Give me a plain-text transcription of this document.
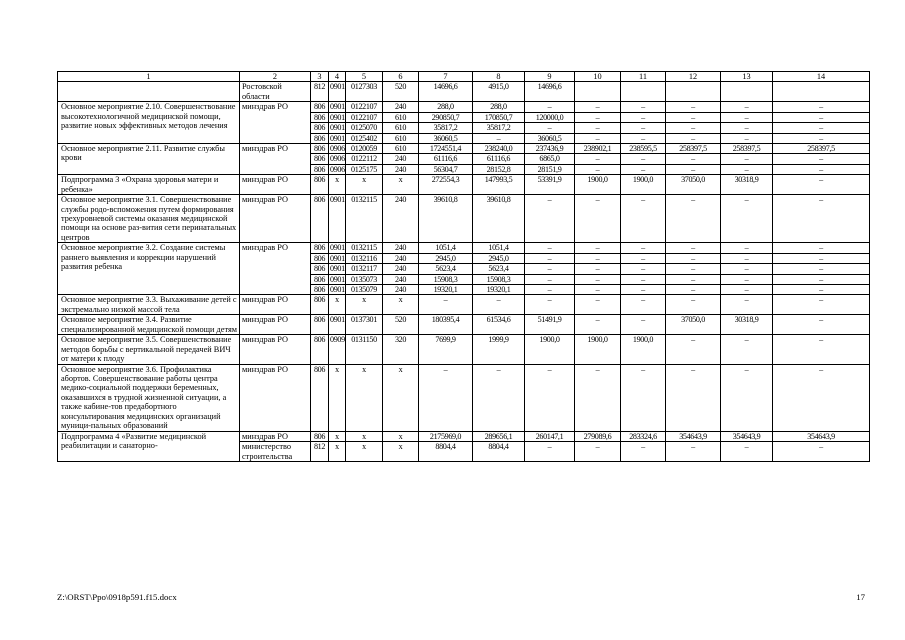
1	2	3	4	5	6	7	8	9	10	11	12	13	14
	Ростовской области	812	0901	0127303	520	14696,6	4915,0	14696,6					
Основное мероприятие 2.10. Совершенствование высокотехнологичной медицинской помощи, развитие новых эффективных методов лечения	минздрав РО	806	0901	0122107	240	288,0	288,0	–	–	–	–	–	–
		806	0901	0122107	610	290850,7	170850,7	120000,0	–	–	–	–	–
		806	0901	0125070	610	35817,2	35817,2	–	–	–	–	–	–
		806	0901	0125402	610	36060,5	–	36060,5	–	–	–	–	–
Основное мероприятие 2.11. Развитие службы крови	минздрав РО	806	0906	0120059	610	1724551,4	238240,0	237436,9	238902,1	238595,5	258397,5	258397,5	258397,5
		806	0906	0122112	240	61116,6	61116,6	6865,0	–	–	–	–	–
		806	0906	0125175	240	56304,7	28152,8	28151,9	–	–	–	–	–
Подпрограмма 3 «Охрана здоровья матери и ребенка»	минздрав РО	806	х	х	х	272554,3	147993,5	53391,9	1900,0	1900,0	37050,0	30318,9	–
Основное мероприятие 3.1. Совершенствование службы родо-вспоможения путем формирования трехуровневой системы оказания медицинской помощи на основе раз-вития сети перинатальных центров	минздрав РО	806	0901	0132115	240	39610,8	39610,8	–	–	–	–	–	–
Основное мероприятие 3.2. Создание системы раннего выявления и коррекции нарушений развития ребенка	минздрав РО	806	0901	0132115	240	1051,4	1051,4	–	–	–	–	–	–
		806	0901	0132116	240	2945,0	2945,0	–	–	–	–	–	–
		806	0901	0132117	240	5623,4	5623,4	–	–	–	–	–	–
		806	0901	0135073	240	15908,3	15908,3	–	–	–	–	–	–
		806	0901	0135079	240	19320,1	19320,1	–	–	–	–	–	–
Основное мероприятие 3.3. Выхаживание детей с экстремально низкой массой тела	минздрав РО	806	х	х	х	–	–	–	–	–	–	–	–
Основное мероприятие 3.4. Развитие специализированной медицинской помощи детям	минздрав РО	806	0901	0137301	520	180395,4	61534,6	51491,9	–	–	37050,0	30318,9	–
Основное мероприятие 3.5. Совершенствование методов борьбы с вертикальной передачей ВИЧ от матери к плоду	минздрав РО	806	0909	0131150	320	7699,9	1999,9	1900,0	1900,0	1900,0	–	–	–
Основное мероприятие 3.6. Профилактика абортов. Совершенствование работы центра медико-социальной поддержки беременных, оказавшихся в трудной жизненной ситуации, а также кабине-тов предабортного консультирования медицинских организаций муници-пальных образований	минздрав РО	806	х	х	х	–	–	–	–	–	–	–	–
Подпрограмма 4 «Развитие медицинской реабилитации и санаторно-	минздрав РО	806	х	х	х	2175969,0	289656,1	260147,1	279089,6	283324,6	354643,9	354643,9	354643,9
	министерство строительства	812	х	х	х	8804,4	8804,4	–	–	–	–	–	–
Z:\ORST\Ppo\0918p591.f15.docx	17
